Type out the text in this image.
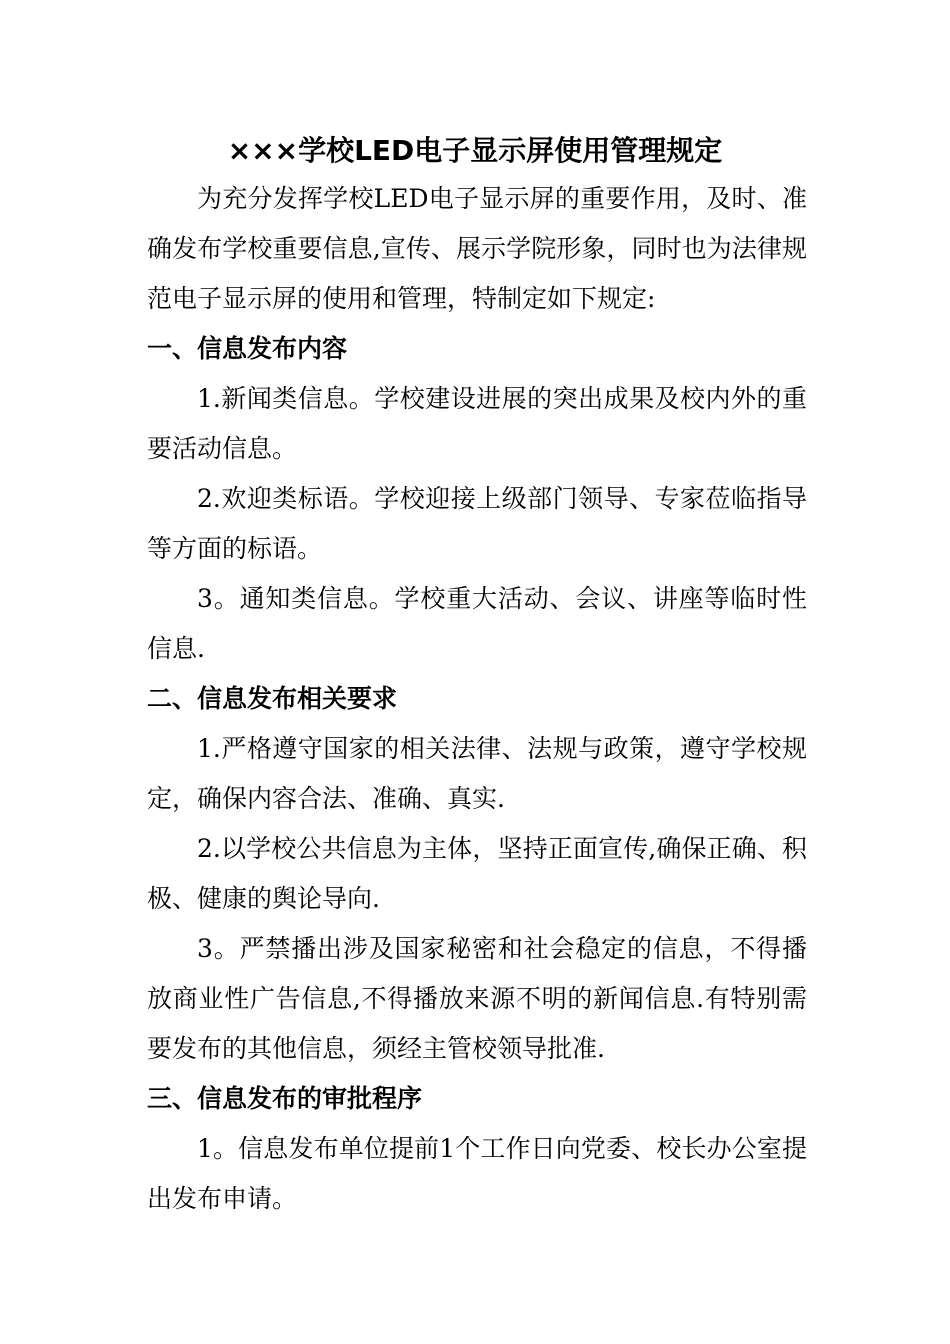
×××学校LED电子显示屏使用管理规定

为充分发挥学校LED电子显示屏的重要作用，及时、准确发布学校重要信息,宣传、展示学院形象，同时也为法律规范电子显示屏的使用和管理，特制定如下规定:

一、信息发布内容

1.新闻类信息。学校建设进展的突出成果及校内外的重要活动信息。

2.欢迎类标语。学校迎接上级部门领导、专家莅临指导等方面的标语。

3。通知类信息。学校重大活动、会议、讲座等临时性信息.

二、信息发布相关要求

1.严格遵守国家的相关法律、法规与政策，遵守学校规定，确保内容合法、准确、真实.

2.以学校公共信息为主体，坚持正面宣传,确保正确、积极、健康的舆论导向.

3。严禁播出涉及国家秘密和社会稳定的信息，不得播放商业性广告信息,不得播放来源不明的新闻信息.有特别需要发布的其他信息，须经主管校领导批准.

三、信息发布的审批程序

1。信息发布单位提前1个工作日向党委、校长办公室提出发布申请。
